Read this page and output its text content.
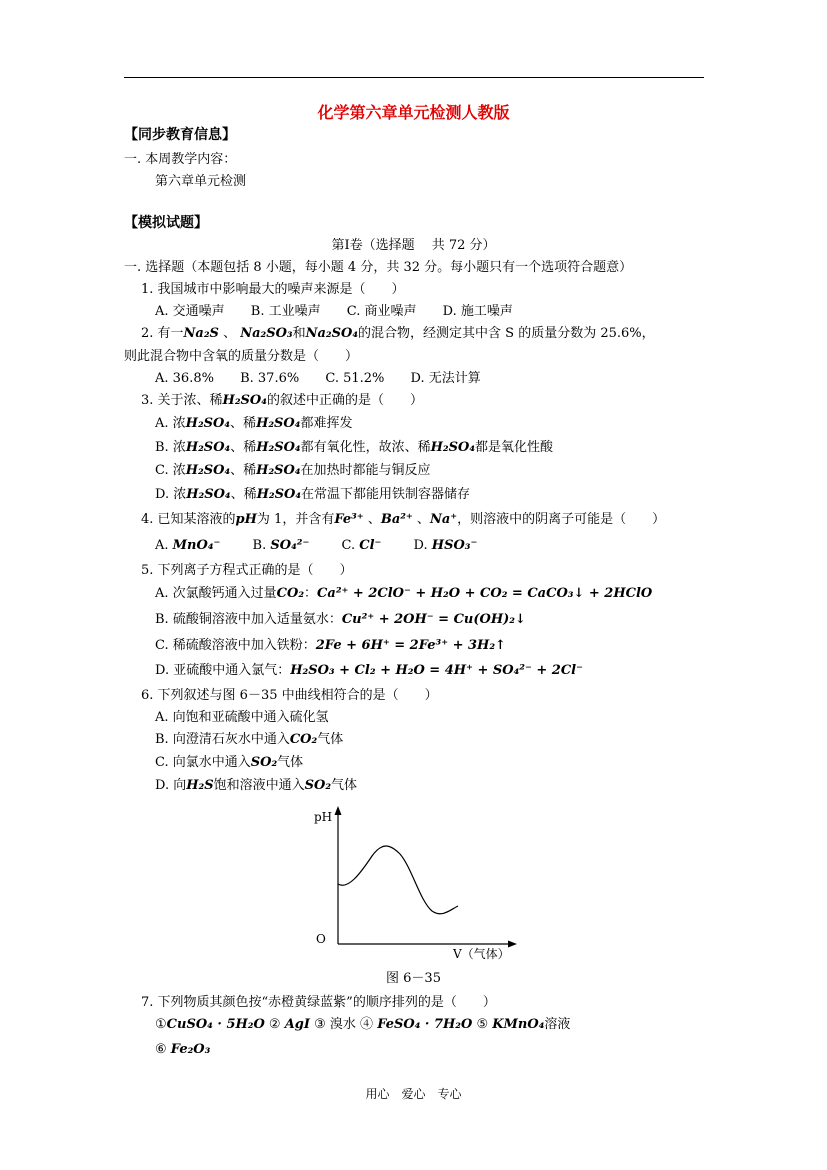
化学第六章单元检测人教版
【同步教育信息】
一. 本周教学内容：
第六章单元检测
【模拟试题】
第Ⅰ卷（选择题　 共 72 分）
一. 选择题（本题包括 8 小题，每小题 4 分，共 32 分。每小题只有一个选项符合题意）
1. 我国城市中影响最大的噪声来源是（　　）
A. 交通噪声 B. 工业噪声 C. 商业噪声 D. 施工噪声
2. 有一Na₂S 、 Na₂SO₃和Na₂SO₄的混合物，经测定其中含 S 的质量分数为 25.6%，
则此混合物中含氧的质量分数是（　　）
A. 36.8% B. 37.6% C. 51.2% D. 无法计算
3. 关于浓、稀H₂SO₄的叙述中正确的是（　　）
A. 浓H₂SO₄、稀H₂SO₄都难挥发
B. 浓H₂SO₄、稀H₂SO₄都有氧化性，故浓、稀H₂SO₄都是氧化性酸
C. 浓H₂SO₄、稀H₂SO₄在加热时都能与铜反应
D. 浓H₂SO₄、稀H₂SO₄在常温下都能用铁制容器储存
4. 已知某溶液的pH为 1，并含有Fe³⁺ 、Ba²⁺ 、Na⁺，则溶液中的阴离子可能是（　　）
A. MnO₄⁻ B. SO₄²⁻ C. Cl⁻ D. HSO₃⁻
5. 下列离子方程式正确的是（　　）
A. 次氯酸钙通入过量CO₂：Ca²⁺ + 2ClO⁻ + H₂O + CO₂ = CaCO₃↓ + 2HClO
B. 硫酸铜溶液中加入适量氨水：Cu²⁺ + 2OH⁻ = Cu(OH)₂↓
C. 稀硫酸溶液中加入铁粉：2Fe + 6H⁺ = 2Fe³⁺ + 3H₂↑
D. 亚硫酸中通入氯气：H₂SO₃ + Cl₂ + H₂O = 4H⁺ + SO₄²⁻ + 2Cl⁻
6. 下列叙述与图 6－35 中曲线相符合的是（　　）
A. 向饱和亚硫酸中通入硫化氢
B. 向澄清石灰水中通入CO₂气体
C. 向氯水中通入SO₂气体
D. 向H₂S饱和溶液中通入SO₂气体
pH
O
V（气体）
图 6－35
7. 下列物质其颜色按“赤橙黄绿蓝紫”的顺序排列的是（　　）
①CuSO₄ · 5H₂O ② AgI ③ 溴水 ④ FeSO₄ · 7H₂O ⑤ KMnO₄溶液
⑥ Fe₂O₃
用心　爱心　专心
